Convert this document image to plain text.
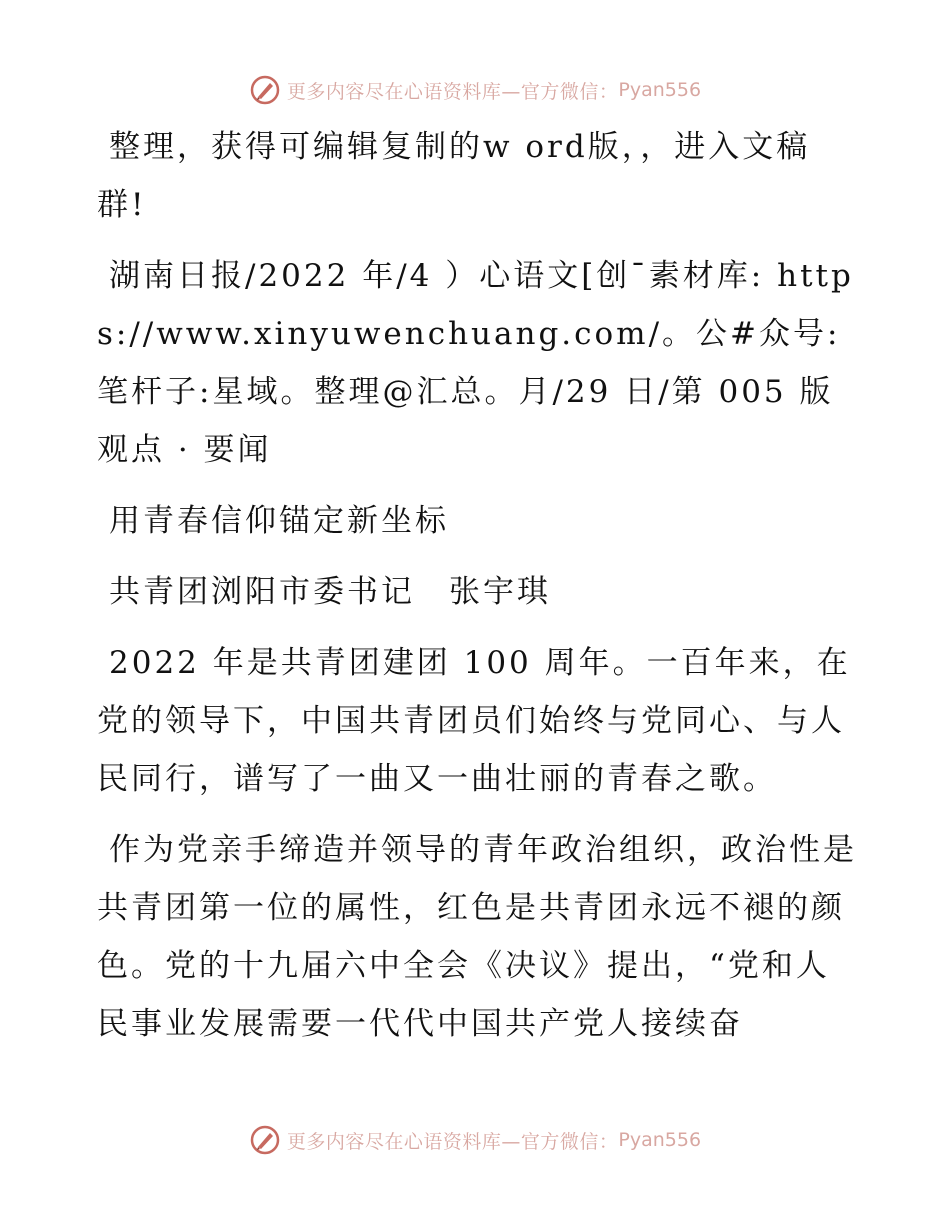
更多内容尽在心语资料库—官方微信： Pyan556

整理，获得可编辑复制的w ord版，，进入文稿群!

湖南日报/2022 年/4 ）心语文[创¯素材库: https://www.xinyuwenchuang.com/。公#众号: 笔杆子:星域。整理@汇总。月/29 日/第 005 版观点 · 要闻

用青春信仰锚定新坐标

共青团浏阳市委书记　张宇琪

2022 年是共青团建团 100 周年。一百年来，在党的领导下，中国共青团员们始终与党同心、与人民同行，谱写了一曲又一曲壮丽的青春之歌。

作为党亲手缔造并领导的青年政治组织，政治性是共青团第一位的属性，红色是共青团永远不褪的颜色。党的十九届六中全会《决议》提出，“党和人民事业发展需要一代代中国共产党人接续奋

更多内容尽在心语资料库—官方微信： Pyan556
